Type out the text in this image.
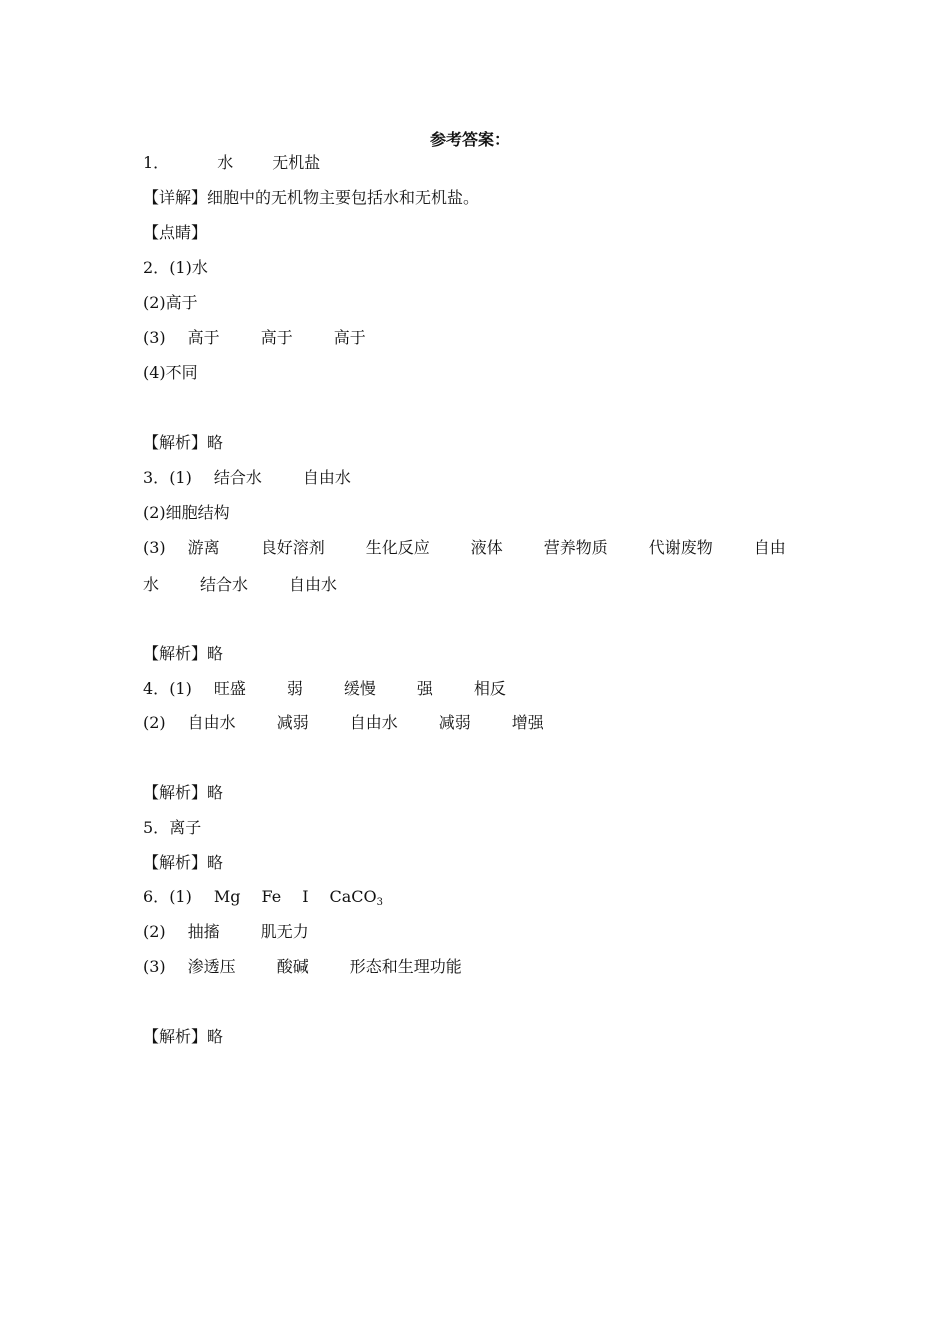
参考答案：
1．	水 无机盐
【详解】细胞中的无机物主要包括水和无机盐。
【点睛】
2．(1)水
(2)高于
(3) 高于	高于	高于
(4)不同
【解析】略
3．(1) 结合水	自由水
(2)细胞结构
(3) 游离	良好溶剂	生化反应	液体	营养物质	代谢废物	自由
水	结合水	自由水
【解析】略
4．(1) 旺盛	弱	缓慢	强	相反
(2) 自由水	减弱	自由水	减弱	增强
【解析】略
5．离子
【解析】略
6．(1) Mg Fe I CaCO3
(2) 抽搐	肌无力
(3) 渗透压	酸碱	形态和生理功能
【解析】略
